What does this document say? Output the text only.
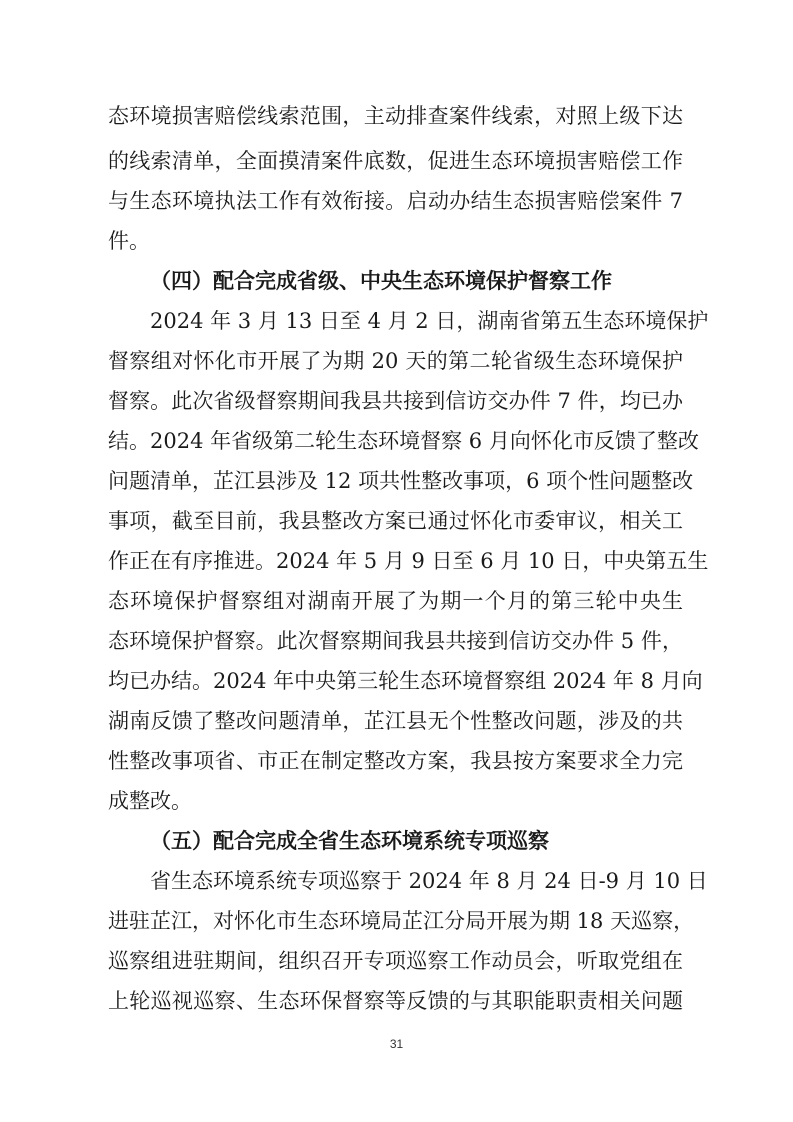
态环境损害赔偿线索范围，主动排查案件线索，对照上级下达
的线索清单，全面摸清案件底数，促进生态环境损害赔偿工作
与生态环境执法工作有效衔接。启动办结生态损害赔偿案件 7
件。
（四）配合完成省级、中央生态环境保护督察工作
2024 年 3 月 13 日至 4 月 2 日，湖南省第五生态环境保护
督察组对怀化市开展了为期 20 天的第二轮省级生态环境保护
督察。此次省级督察期间我县共接到信访交办件 7 件，均已办
结。2024 年省级第二轮生态环境督察 6 月向怀化市反馈了整改
问题清单，芷江县涉及 12 项共性整改事项，6 项个性问题整改
事项，截至目前，我县整改方案已通过怀化市委审议，相关工
作正在有序推进。2024 年 5 月 9 日至 6 月 10 日，中央第五生
态环境保护督察组对湖南开展了为期一个月的第三轮中央生
态环境保护督察。此次督察期间我县共接到信访交办件 5 件，
均已办结。2024 年中央第三轮生态环境督察组 2024 年 8 月向
湖南反馈了整改问题清单，芷江县无个性整改问题，涉及的共
性整改事项省、市正在制定整改方案，我县按方案要求全力完
成整改。
（五）配合完成全省生态环境系统专项巡察
省生态环境系统专项巡察于 2024 年 8 月 24 日-9 月 10 日
进驻芷江，对怀化市生态环境局芷江分局开展为期 18 天巡察，
巡察组进驻期间，组织召开专项巡察工作动员会，听取党组在
上轮巡视巡察、生态环保督察等反馈的与其职能职责相关问题
31
